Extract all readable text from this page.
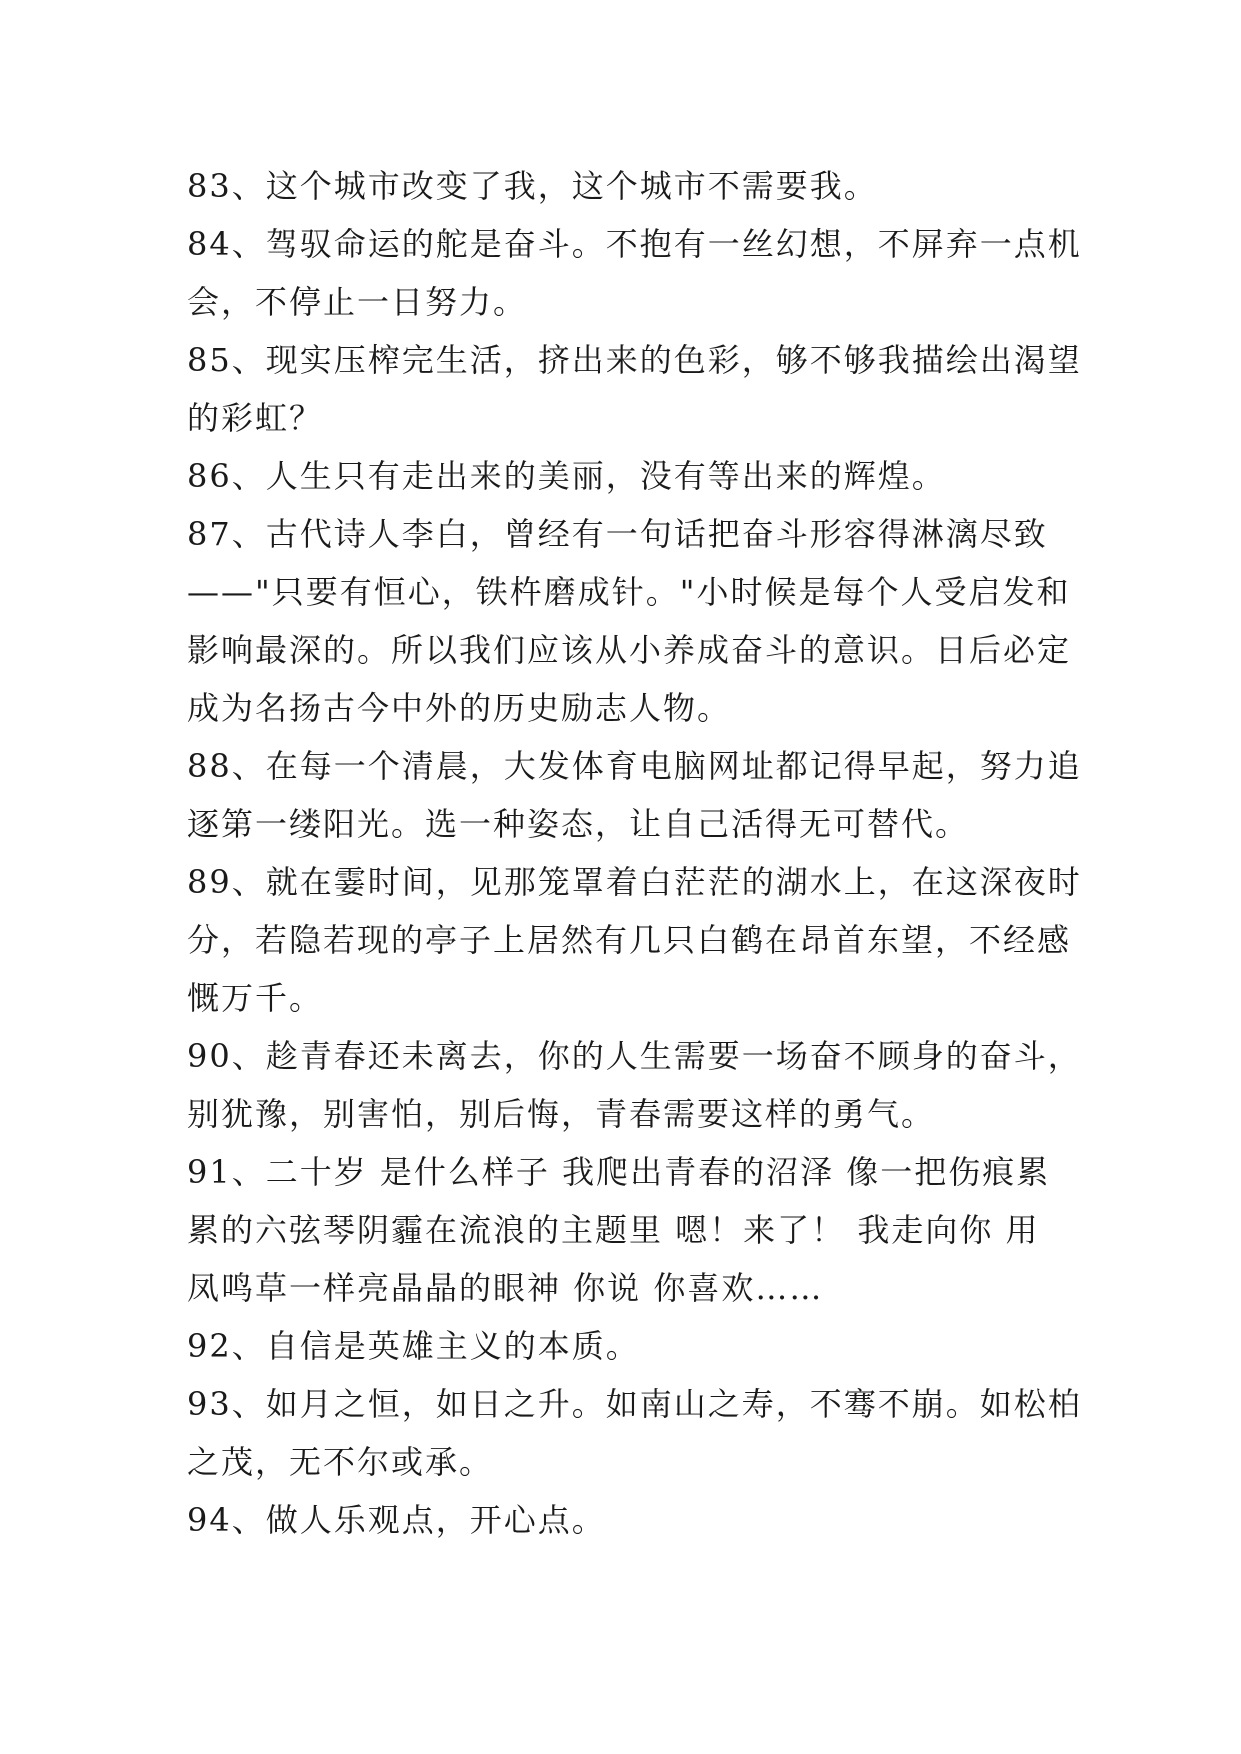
83、这个城市改变了我，这个城市不需要我。
84、驾驭命运的舵是奋斗。不抱有一丝幻想，不屏弃一点机
会，不停止一日努力。
85、现实压榨完生活，挤出来的色彩，够不够我描绘出渴望
的彩虹？
86、人生只有走出来的美丽，没有等出来的辉煌。
87、古代诗人李白，曾经有一句话把奋斗形容得淋漓尽致
——"只要有恒心，铁杵磨成针。"小时候是每个人受启发和
影响最深的。所以我们应该从小养成奋斗的意识。日后必定
成为名扬古今中外的历史励志人物。
88、在每一个清晨，大发体育电脑网址都记得早起，努力追
逐第一缕阳光。选一种姿态，让自己活得无可替代。
89、就在霎时间，见那笼罩着白茫茫的湖水上，在这深夜时
分，若隐若现的亭子上居然有几只白鹤在昂首东望，不经感
慨万千。
90、趁青春还未离去，你的人生需要一场奋不顾身的奋斗，
别犹豫，别害怕，别后悔，青春需要这样的勇气。
91、二十岁 是什么样子 我爬出青春的沼泽 像一把伤痕累
累的六弦琴阴霾在流浪的主题里 嗯！来了！ 我走向你 用
凤鸣草一样亮晶晶的眼神 你说 你喜欢……
92、自信是英雄主义的本质。
93、如月之恒，如日之升。如南山之寿，不骞不崩。如松柏
之茂，无不尔或承。
94、做人乐观点，开心点。
